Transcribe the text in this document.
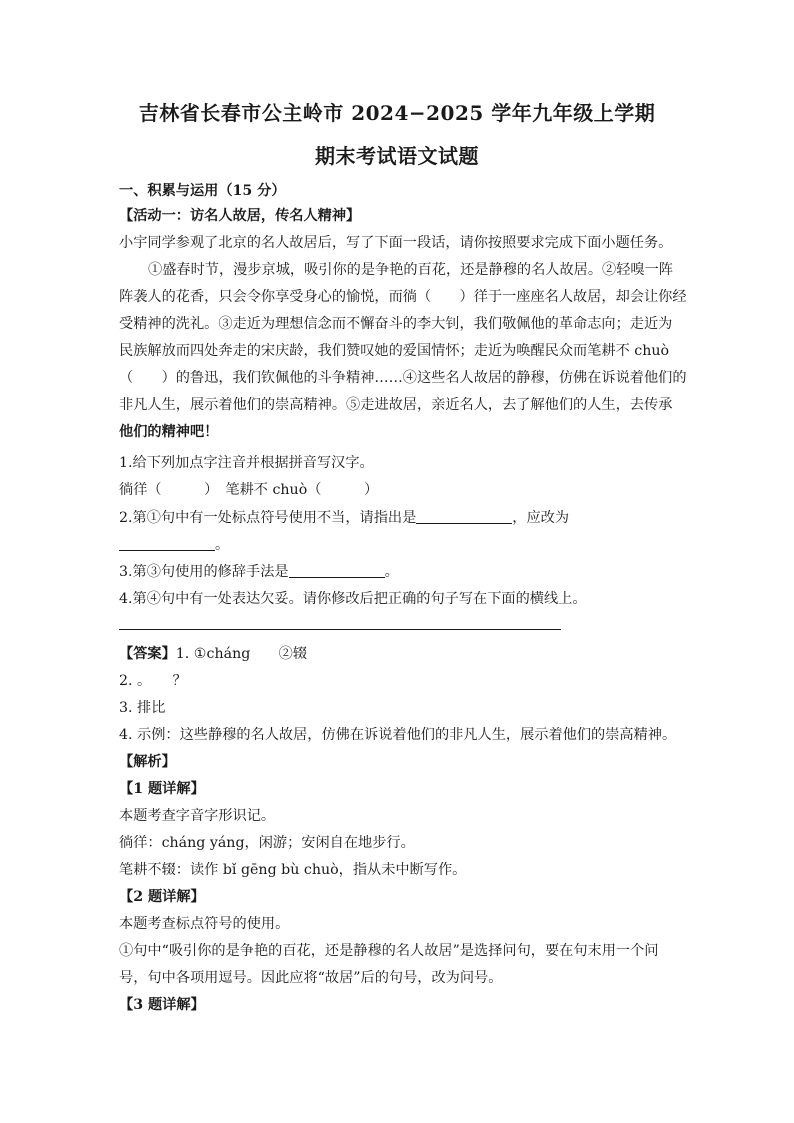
吉林省长春市公主岭市 2024−2025 学年九年级上学期
期末考试语文试题
一、积累与运用（15 分）
【活动一：访名人故居，传名人精神】
小宇同学参观了北京的名人故居后，写了下面一段话，请你按照要求完成下面小题任务。
①盛春时节，漫步京城，吸引你的是争艳的百花，还是静穆的名人故居。②轻嗅一阵
阵袭人的花香，只会令你享受身心的愉悦，而徜（　　）徉于一座座名人故居，却会让你经
受精神的洗礼。③走近为理想信念而不懈奋斗的李大钊，我们敬佩他的革命志向；走近为
民族解放而四处奔走的宋庆龄，我们赞叹她的爱国情怀；走近为唤醒民众而笔耕不 chuò
（　　）的鲁迅，我们钦佩他的斗争精神……④这些名人故居的静穆，仿佛在诉说着他们的
非凡人生，展示着他们的崇高精神。⑤走进故居，亲近名人，去了解他们的人生，去传承
他们的精神吧！
1.给下列加点字注音并根据拼音写汉字。
徜徉（　　　）　笔耕不 chuò（　　　）
2.第①句中有一处标点符号使用不当，请指出是	，应改为
。
3.第③句使用的修辞手法是	。
4.第④句中有一处表达欠妥。请你修改后把正确的句子写在下面的横线上。
【答案】1. ①cháng　　②辍
2. 。　　？
3. 排比
4. 示例：这些静穆的名人故居，仿佛在诉说着他们的非凡人生，展示着他们的崇高精神。
【解析】
【1 题详解】
本题考查字音字形识记。
徜徉：cháng yáng，闲游；安闲自在地步行。
笔耕不辍：读作 bǐ gēng bù chuò，指从未中断写作。
【2 题详解】
本题考查标点符号的使用。
①句中“吸引你的是争艳的百花，还是静穆的名人故居”是选择问句，要在句末用一个问
号，句中各项用逗号。因此应将“故居”后的句号，改为问号。
【3 题详解】
